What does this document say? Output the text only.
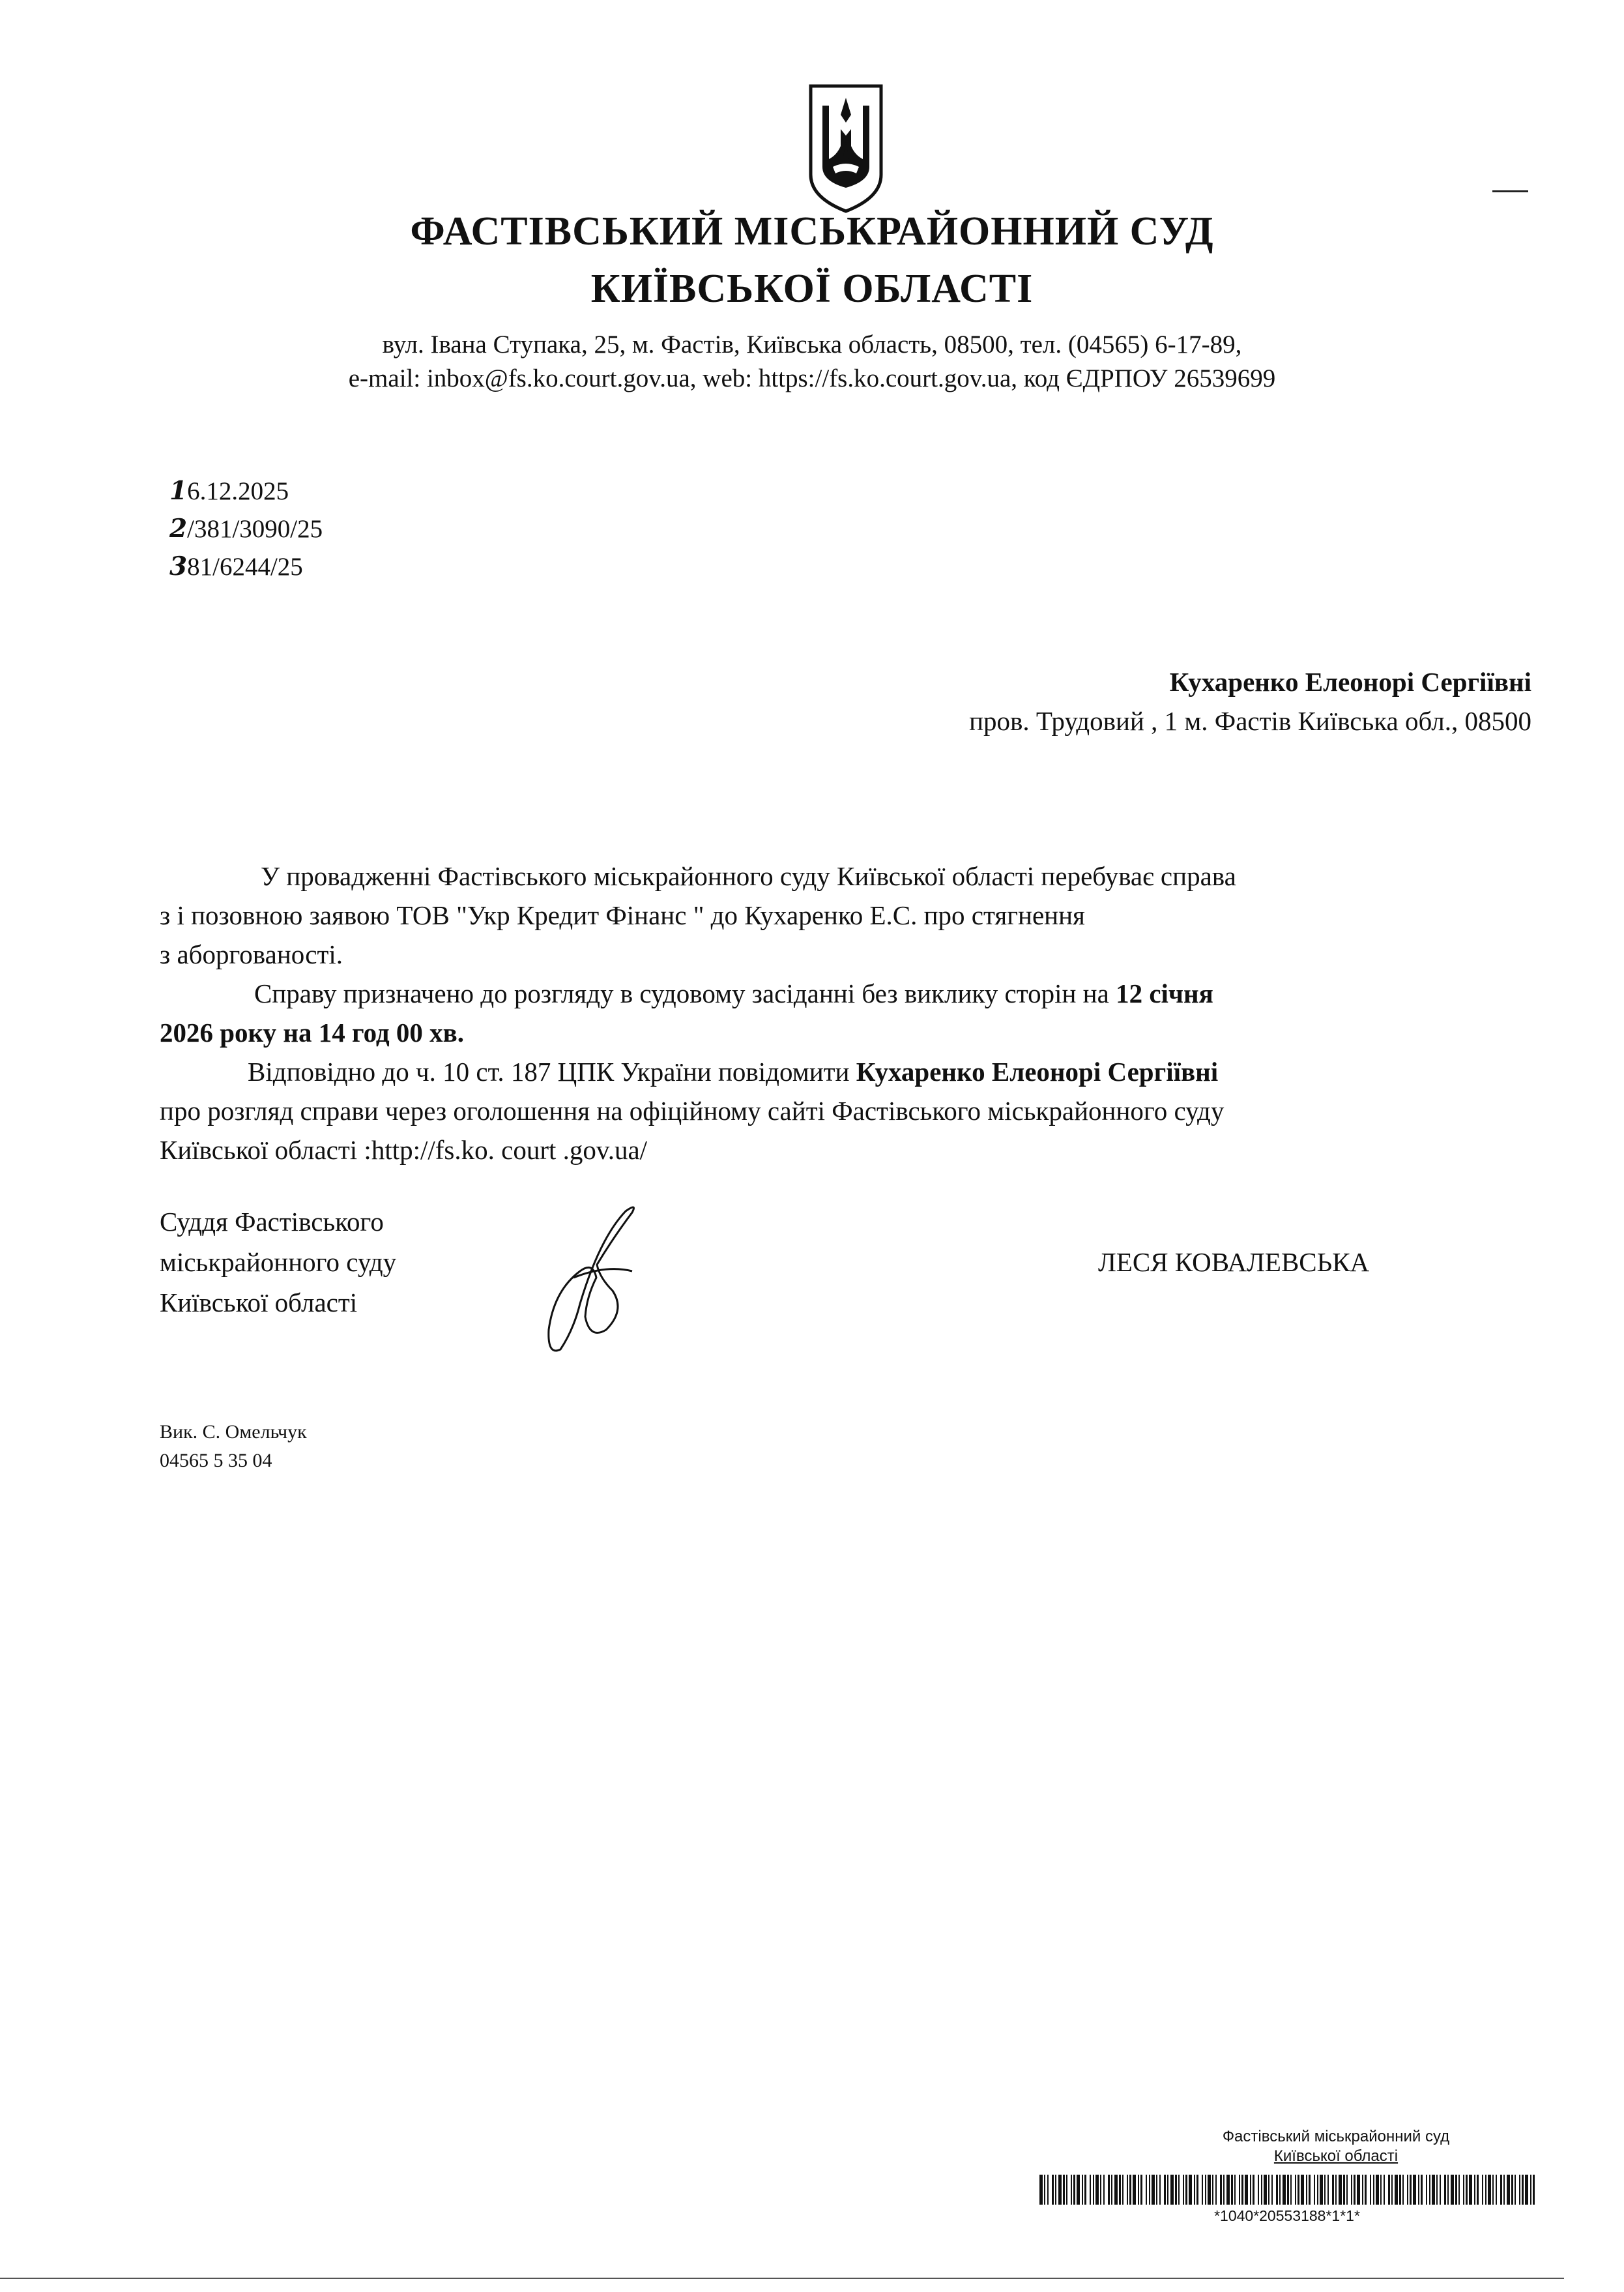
ФАСТІВСЬКИЙ МІСЬКРАЙОННИЙ СУД
КИЇВСЬКОЇ ОБЛАСТІ
вул. Івана Ступака, 25, м. Фастів, Київська область, 08500, тел. (04565) 6-17-89,
e-mail: inbox@fs.ko.court.gov.ua, web: https://fs.ko.court.gov.ua, код ЄДРПОУ 26539699
16.12.2025
2/381/3090/25
381/6244/25
Кухаренко Елеонорі Сергіївні
пров. Трудовий , 1 м. Фастів Київська обл., 08500
У провадженні Фастівського міськрайонного суду Київської області перебуває справа
з і позовною заявою ТОВ "Укр Кредит Фінанс " до Кухаренко Е.С. про стягнення
з аборгованості.
Справу призначено до розгляду в судовому засіданні без виклику сторін на 12 січня
2026 року на 14 год 00 хв.
Відповідно до ч. 10 ст. 187 ЦПК України повідомити Кухаренко Елеонорі Сергіївні
про розгляд справи через оголошення на офіційному сайті Фастівського міськрайонного суду
Київської області :http://fs.ko. court .gov.ua/
Суддя Фастівського
міськрайонного суду
Київської області
ЛЕСЯ КОВАЛЕВСЬКА
Вик. С. Омельчук
04565 5 35 04
Фастівський міськрайонний суд
Київської області
*1040*20553188*1*1*
